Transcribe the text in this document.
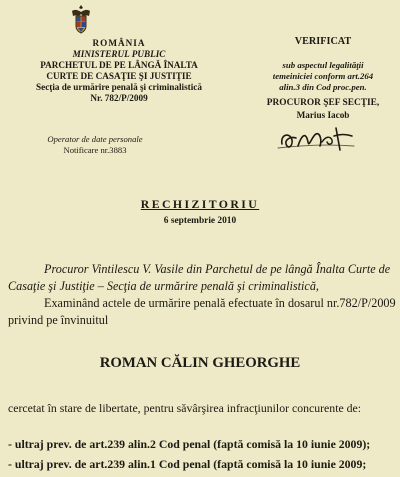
ROMÂNIA
MINISTERUL PUBLIC
PARCHETUL DE PE LÂNGĂ ÎNALTA
CURTE DE CASAŢIE ŞI JUSTIŢIE
Secţia de urmărire penală şi criminalistică
Nr. 782/P/2009
VERIFICAT
sub aspectul legalităţii
temeiniciei conform art.264
alin.3 din Cod proc.pen.
PROCUROR ŞEF SECŢIE,
Marius Iacob
Operator de date personale
Notificare nr.3883
RECHIZITORIU
6 septembrie 2010
Procuror Vintilescu V. Vasile din Parchetul de pe lângă Înalta Curte de
Casaţie şi Justiţie – Secţia de urmărire penală şi criminalistică,
Examinând actele de urmărire penală efectuate în dosarul nr.782/P/2009
privind pe învinuitul
ROMAN CĂLIN GHEORGHE
cercetat în stare de libertate, pentru săvârşirea infracţiunilor concurente de:
- ultraj prev. de art.239 alin.2 Cod penal (faptă comisă la 10 iunie 2009);
- ultraj prev. de art.239 alin.1 Cod penal (faptă comisă la 10 iunie 2009;
